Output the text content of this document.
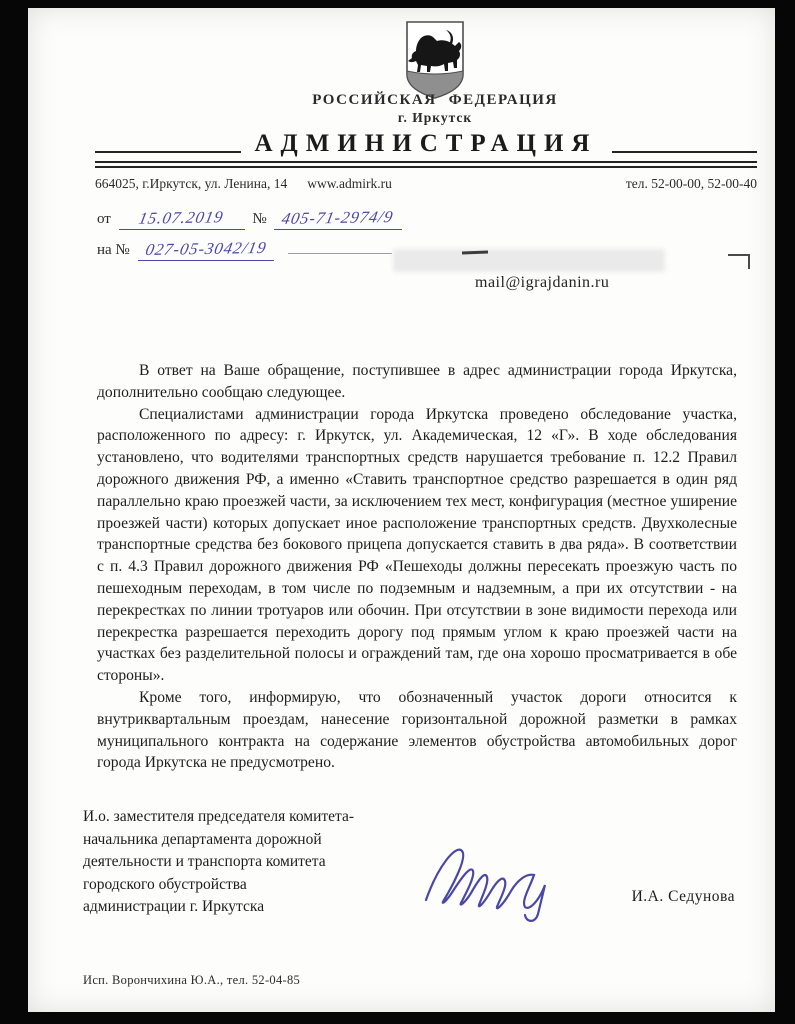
РОССИЙСКАЯ ФЕДЕРАЦИЯ
г. Иркутск
АДМИНИСТРАЦИЯ
664025, г.Иркутск, ул. Ленина, 14 www.admirk.ru	тел. 52-00-00, 52-00-40
от 15.07.2019 № 405-71-2974/9
на № 027-05-3042/19
mail@igrajdanin.ru

В ответ на Ваше обращение, поступившее в адрес администрации города Иркутска, дополнительно сообщаю следующее.

Специалистами администрации города Иркутска проведено обследование участка, расположенного по адресу: г. Иркутск, ул. Академическая, 12 «Г». В ходе обследования установлено, что водителями транспортных средств нарушается требование п. 12.2 Правил дорожного движения РФ, а именно «Ставить транспортное средство разрешается в один ряд параллельно краю проезжей части, за исключением тех мест, конфигурация (местное уширение проезжей части) которых допускает иное расположение транспортных средств. Двухколесные транспортные средства без бокового прицепа допускается ставить в два ряда». В соответствии с п. 4.3 Правил дорожного движения РФ «Пешеходы должны пересекать проезжую часть по пешеходным переходам, в том числе по подземным и надземным, а при их отсутствии - на перекрестках по линии тротуаров или обочин. При отсутствии в зоне видимости перехода или перекрестка разрешается переходить дорогу под прямым углом к краю проезжей части на участках без разделительной полосы и ограждений там, где она хорошо просматривается в обе стороны».

Кроме того, информирую, что обозначенный участок дороги относится к внутриквартальным проездам, нанесение горизонтальной дорожной разметки в рамках муниципального контракта на содержание элементов обустройства автомобильных дорог города Иркутска не предусмотрено.

И.о. заместителя председателя комитета-
начальника департамента дорожной
деятельности и транспорта комитета
городского обустройства
администрации г. Иркутска
И.А. Седунова
Исп. Ворончихина Ю.А., тел. 52-04-85
